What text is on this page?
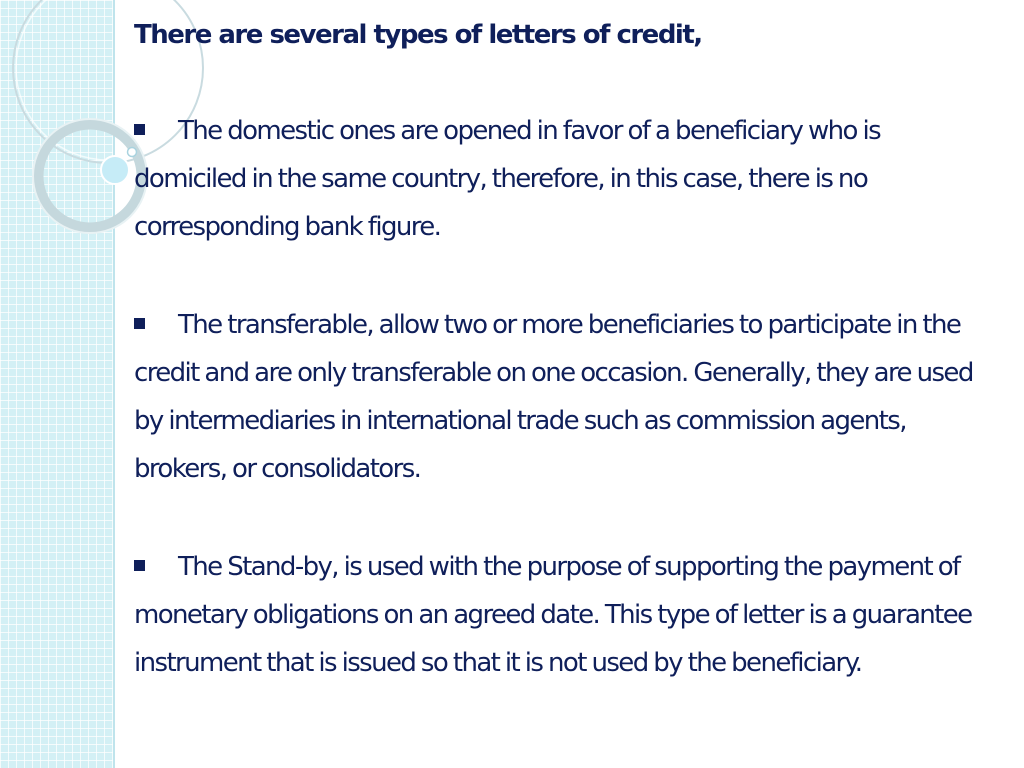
There are several types of letters of credit,

The domestic ones are opened in favor of a beneficiary who is domiciled in the same country, therefore, in this case, there is no corresponding bank figure.

The transferable, allow two or more beneficiaries to participate in the credit and are only transferable on one occasion. Generally, they are used by intermediaries in international trade such as commission agents, brokers, or consolidators.

The Stand-by, is used with the purpose of supporting the payment of monetary obligations on an agreed date. This type of letter is a guarantee instrument that is issued so that it is not used by the beneficiary.
